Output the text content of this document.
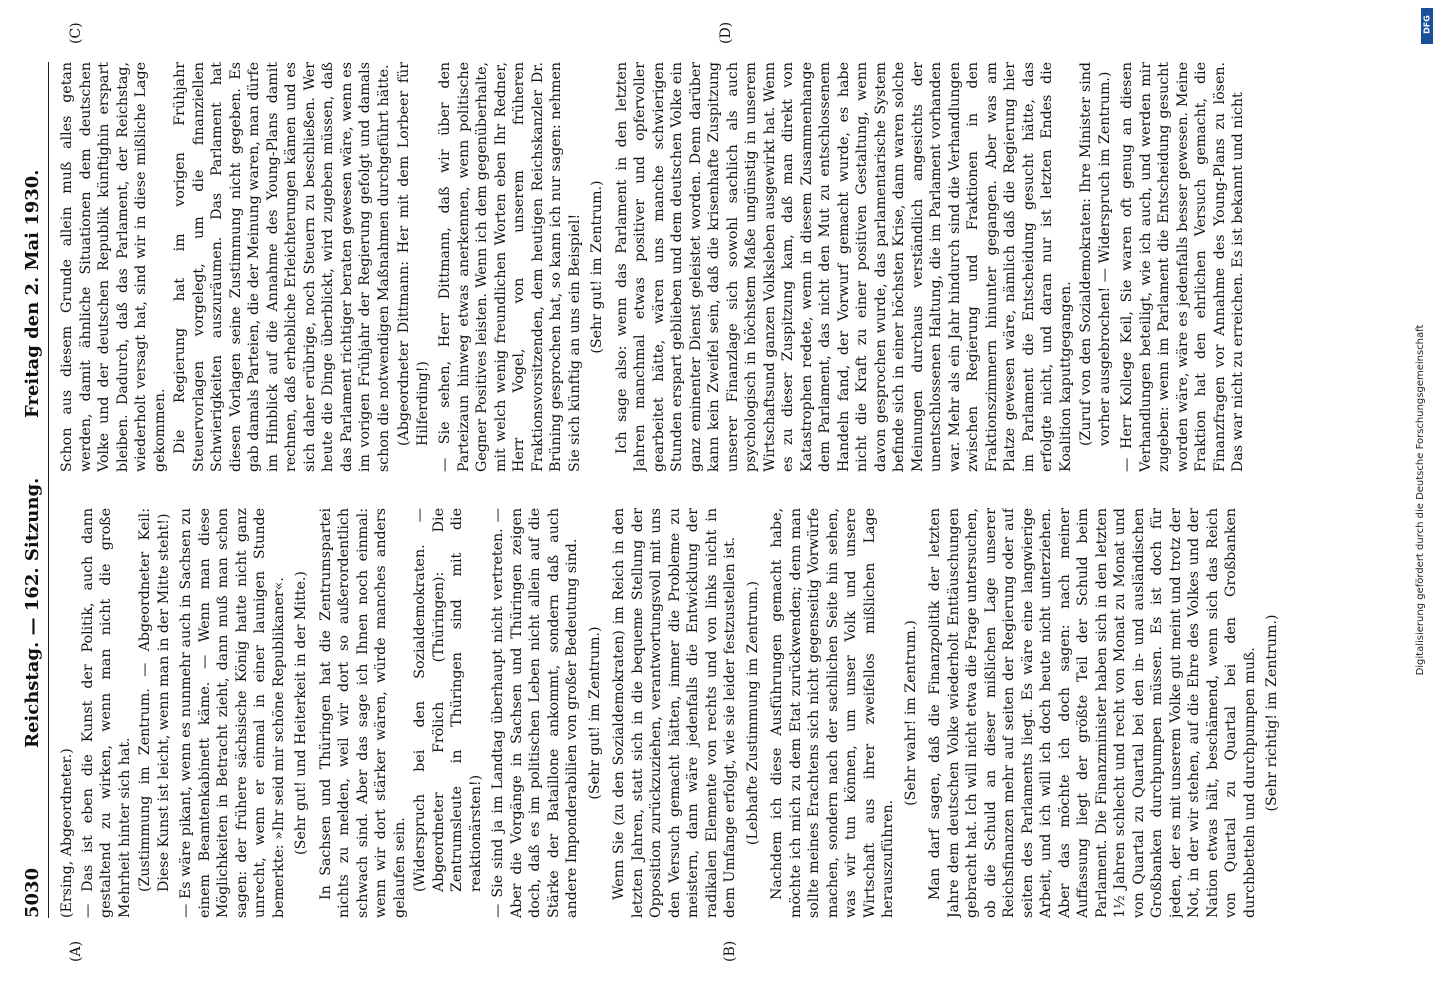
(A)	(B)
(C)	(D)
5030
Reichstag. — 162. Sitzung.
Freitag den 2. Mai 1930.

(Ersing, Abgeordneter.) — Das ist eben die Kunst der Politik, auch dann gestaltend zu wirken, wenn man nicht die große Mehrheit hinter sich hat. (Zustimmung im Zentrum. — Abgeordneter Keil: Diese Kunst ist leicht, wenn man in der Mitte steht!) — Es wäre pikant, wenn es nunmehr auch in Sachsen zu einem Beamtenkabinett käme. — Wenn man diese Möglichkeiten in Betracht zieht, dann muß man schon sagen: der frühere sächsische König hatte nicht ganz unrecht, wenn er einmal in einer launigen Stunde bemerkte: »Ihr seid mir schöne Republikaner«. (Sehr gut! und Heiterkeit in der Mitte.) In Sachsen und Thüringen hat die Zentrumspartei nichts zu melden, weil wir dort so außerordentlich schwach sind. Aber das sage ich Ihnen noch einmal: wenn wir dort stärker wären, würde manches anders gelaufen sein. (Widerspruch bei den Sozialdemokraten. — Abgeordneter Frölich (Thüringen): Die Zentrumsleute in Thüringen sind mit die reaktionärsten!) — Sie sind ja im Landtag überhaupt nicht vertreten. — Aber die Vorgänge in Sachsen und Thüringen zeigen doch, daß es im politischen Leben nicht allein auf die Stärke der Bataillone ankommt, sondern daß auch andere Imponderabilien von großer Bedeutung sind. (Sehr gut! im Zentrum.) Wenn Sie (zu den Sozialdemokraten) im Reich in den letzten Jahren, statt sich in die bequeme Stellung der Opposition zurückzuziehen, verantwortungsvoll mit uns den Versuch gemacht hätten, immer die Probleme zu meistern, dann wäre jedenfalls die Entwicklung der radikalen Elemente von rechts und von links nicht in dem Umfange erfolgt, wie sie leider festzustellen ist. (Lebhafte Zustimmung im Zentrum.) Nachdem ich diese Ausführungen gemacht habe, möchte ich mich zu dem Etat zurückwenden; denn man sollte meines Erachtens sich nicht gegenseitig Vorwürfe machen, sondern nach der sachlichen Seite hin sehen, was wir tun können, um unser Volk und unsere Wirtschaft aus ihrer zweifellos mißlichen Lage herauszuführen.

(Sehr wahr! im Zentrum.) Man darf sagen, daß die Finanzpolitik der letzten Jahre dem deutschen Volke wiederholt Enttäuschungen gebracht hat. Ich will nicht etwa die Frage untersuchen, ob die Schuld an dieser mißlichen Lage unserer Reichsfinanzen mehr auf seiten der Regierung oder auf seiten des Parlaments liegt. Es wäre eine langwierige Arbeit, und ich will ich doch heute nicht unterziehen. Aber das möchte ich doch sagen: nach meiner Auffassung liegt der größte Teil der Schuld beim Parlament. Die Finanzminister haben sich in den letzten 1½ Jahren schlecht und recht von Monat zu Monat und von Quartal zu Quartal bei den in- und ausländischen Großbanken durchpumpen müssen. Es ist doch für jeden, der es mit unserem Volke gut meint und trotz der Not, in der wir stehen, auf die Ehre des Volkes und der Nation etwas hält, beschämend, wenn sich das Reich von Quartal zu Quartal bei den Großbanken durchbetteln und durchpumpen muß. (Sehr richtig! im Zentrum.)

Schon aus diesem Grunde allein muß alles getan werden, damit ähnliche Situationen dem deutschen Volke und der deutschen Republik künftighin erspart bleiben. Dadurch, daß das Parlament, der Reichstag, wiederholt versagt hat, sind wir in diese mißliche Lage gekommen. Die Regierung hat im vorigen Frühjahr Steuervorlagen vorgelegt, um die finanziellen Schwierigkeiten auszuräumen. Das Parlament hat diesen Vorlagen seine Zustimmung nicht gegeben. Es gab damals Parteien, die der Meinung waren, man dürfe im Hinblick auf die Annahme des Young-Plans damit rechnen, daß erhebliche Erleichterungen kämen und es sich daher erübrige, noch Steuern zu beschließen. Wer heute die Dinge überblickt, wird zugeben müssen, daß das Parlament richtiger beraten gewesen wäre, wenn es im vorigen Frühjahr der Regierung gefolgt und damals schon die notwendigen Maßnahmen durchgeführt hätte. (Abgeordneter Dittmann: Her mit dem Lorbeer für Hilferding!) — Sie sehen, Herr Dittmann, daß wir über den Parteizaun hinweg etwas anerkennen, wenn politische Gegner Positives leisten. Wenn ich dem gegenüberhalte, mit welch wenig freundlichen Worten eben Ihr Redner, Herr Vogel, von unserem früheren Fraktionsvorsitzenden, dem heutigen Reichskanzler Dr. Brüning gesprochen hat, so kann ich nur sagen: nehmen Sie sich künftig an uns ein Beispiel! (Sehr gut! im Zentrum.) Ich sage also: wenn das Parlament in den letzten Jahren manchmal etwas positiver und opfervoller gearbeitet hätte, wären uns manche schwierigen Stunden erspart geblieben und dem deutschen Volke ein ganz eminenter Dienst geleistet worden. Denn darüber kann kein Zweifel sein, daß die krisenhafte Zuspitzung unserer Finanzlage sich sowohl sachlich als auch psychologisch in höchstem Maße ungünstig in unserem Wirtschaftsund ganzen Volksleben ausgewirkt hat. Wenn es zu dieser Zuspitzung kam, daß man direkt von Katastrophen redete, wenn in diesem Zusammenhange dem Parlament, das nicht den Mut zu entschlossenem Handeln fand, der Vorwurf gemacht wurde, es habe nicht die Kraft zu einer positiven Gestaltung, wenn davon gesprochen wurde, das parlamentarische System befinde sich in einer höchsten Krise, dann waren solche Meinungen durchaus verständlich angesichts der unentschlossenen Haltung, die im Parlament vorhanden war. Mehr als ein Jahr hindurch sind die Verhandlungen zwischen Regierung und Fraktionen in den Fraktionszimmern hinunter gegangen. Aber was am Platze gewesen wäre, nämlich daß die Regierung hier im Parlament die Entscheidung gesucht hätte, das erfolgte nicht, und daran nur ist letzten Endes die Koalition kaputtgegangen. (Zuruf von den Sozialdemokraten: Ihre Minister sind vorher ausgebrochen! — Widerspruch im Zentrum.) — Herr Kollege Keil, Sie waren oft genug an diesen Verhandlungen beteiligt, wie ich auch, und werden mir zugeben: wenn im Parlament die Entscheidung gesucht worden wäre, wäre es jedenfalls besser gewesen. Meine Fraktion hat den ehrlichen Versuch gemacht, die Finanzfragen vor Annahme des Young-Plans zu lösen. Das war nicht zu erreichen. Es ist bekannt und nicht

Digitalisierung gefördert durch die Deutsche Forschungsgemeinschaft
DFG
